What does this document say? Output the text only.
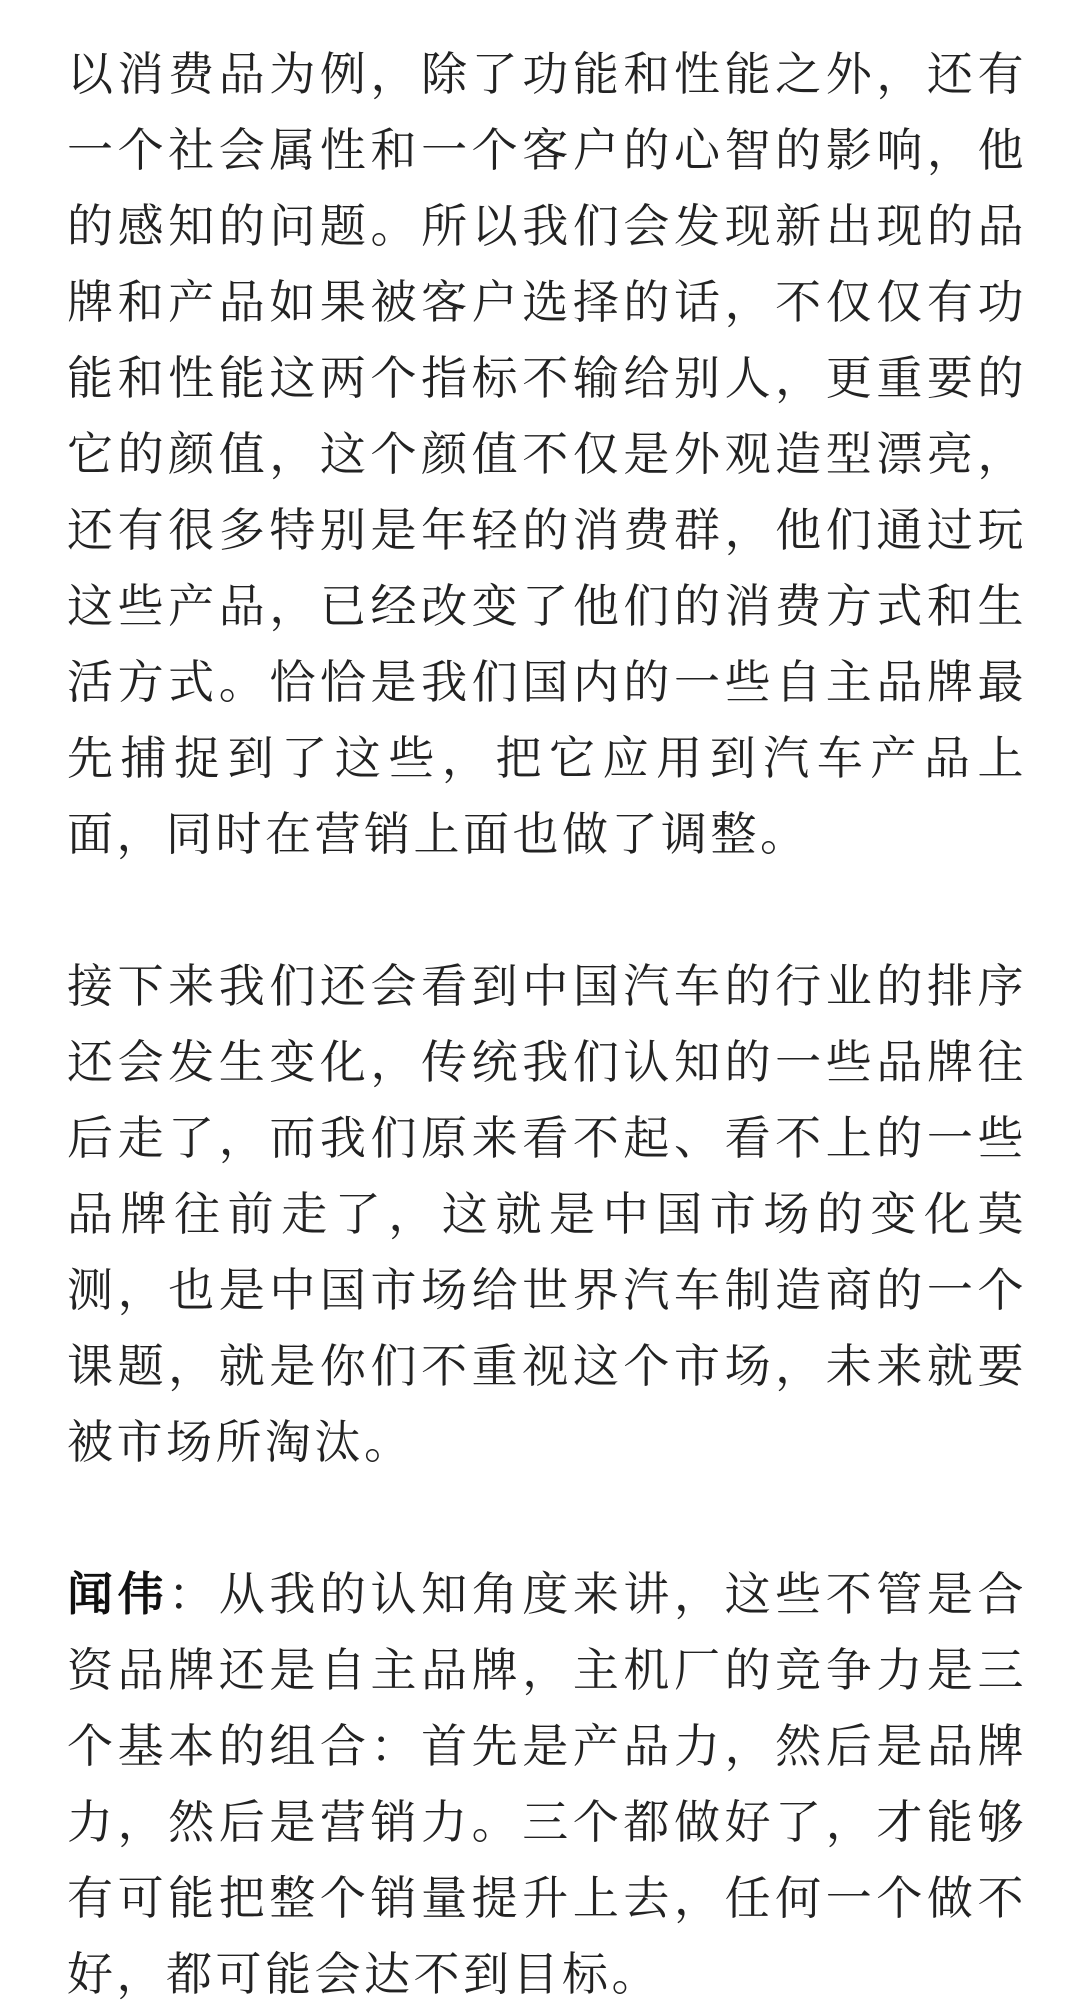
以消费品为例，除了功能和性能之外，还有一个社会属性和一个客户的心智的影响，他的感知的问题。所以我们会发现新出现的品牌和产品如果被客户选择的话，不仅仅有功能和性能这两个指标不输给别人，更重要的它的颜值，这个颜值不仅是外观造型漂亮，还有很多特别是年轻的消费群，他们通过玩这些产品，已经改变了他们的消费方式和生活方式。恰恰是我们国内的一些自主品牌最先捕捉到了这些，把它应用到汽车产品上面，同时在营销上面也做了调整。

接下来我们还会看到中国汽车的行业的排序还会发生变化，传统我们认知的一些品牌往后走了，而我们原来看不起、看不上的一些品牌往前走了，这就是中国市场的变化莫测，也是中国市场给世界汽车制造商的一个课题，就是你们不重视这个市场，未来就要被市场所淘汰。

闻伟：从我的认知角度来讲，这些不管是合资品牌还是自主品牌，主机厂的竞争力是三个基本的组合：首先是产品力，然后是品牌力，然后是营销力。三个都做好了，才能够有可能把整个销量提升上去，任何一个做不好，都可能会达不到目标。
